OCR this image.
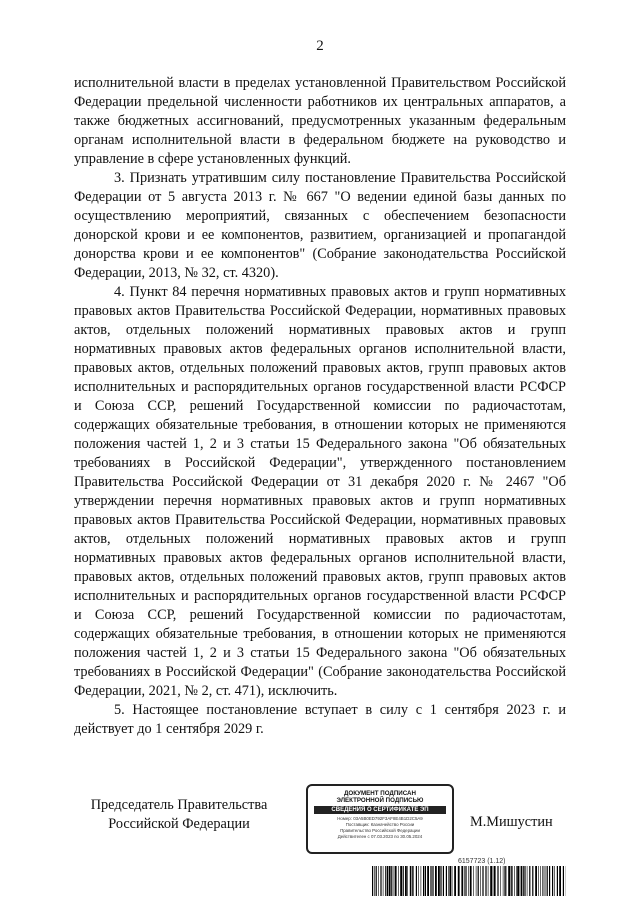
2

исполнительной власти в пределах установленной Правительством Российской Федерации предельной численности работников их центральных аппаратов, а также бюджетных ассигнований, предусмотренных указанным федеральным органам исполнительной власти в федеральном бюджете на руководство и управление в сфере установленных функций.

3. Признать утратившим силу постановление Правительства Российской Федерации от 5 августа 2013 г. № 667 "О ведении единой базы данных по осуществлению мероприятий, связанных с обеспечением безопасности донорской крови и ее компонентов, развитием, организацией и пропагандой донорства крови и ее компонентов" (Собрание законодательства Российской Федерации, 2013, № 32, ст. 4320).

4. Пункт 84 перечня нормативных правовых актов и групп нормативных правовых актов Правительства Российской Федерации, нормативных правовых актов, отдельных положений нормативных правовых актов и групп нормативных правовых актов федеральных органов исполнительной власти, правовых актов, отдельных положений правовых актов, групп правовых актов исполнительных и распорядительных органов государственной власти РСФСР и Союза ССР, решений Государственной комиссии по радиочастотам, содержащих обязательные требования, в отношении которых не применяются положения частей 1, 2 и 3 статьи 15 Федерального закона "Об обязательных требованиях в Российской Федерации", утвержденного постановлением Правительства Российской Федерации от 31 декабря 2020 г. № 2467 "Об утверждении перечня нормативных правовых актов и групп нормативных правовых актов Правительства Российской Федерации, нормативных правовых актов, отдельных положений нормативных правовых актов и групп нормативных правовых актов федеральных органов исполнительной власти, правовых актов, отдельных положений правовых актов, групп правовых актов исполнительных и распорядительных органов государственной власти РСФСР и Союза ССР, решений Государственной комиссии по радиочастотам, содержащих обязательные требования, в отношении которых не применяются положения частей 1, 2 и 3 статьи 15 Федерального закона "Об обязательных требованиях в Российской Федерации" (Собрание законодательства Российской Федерации, 2021, № 2, ст. 471), исключить.

5. Настоящее постановление вступает в силу с 1 сентября 2023 г. и действует до 1 сентября 2029 г.

Председатель Правительства
Российской Федерации
ДОКУМЕНТ ПОДПИСАН
ЭЛЕКТРОННОЙ ПОДПИСЬЮ
СВЕДЕНИЯ О СЕРТИФИКАТЕ ЭП
Номер: 03A5B0ED792F3AF8E4B1D2C5A9
Поставщик: Казначейство России
Правительство Российской Федерации
Действителен с 07.03.2023 по 30.05.2024
М.Мишустин
6157723 (1.12)
